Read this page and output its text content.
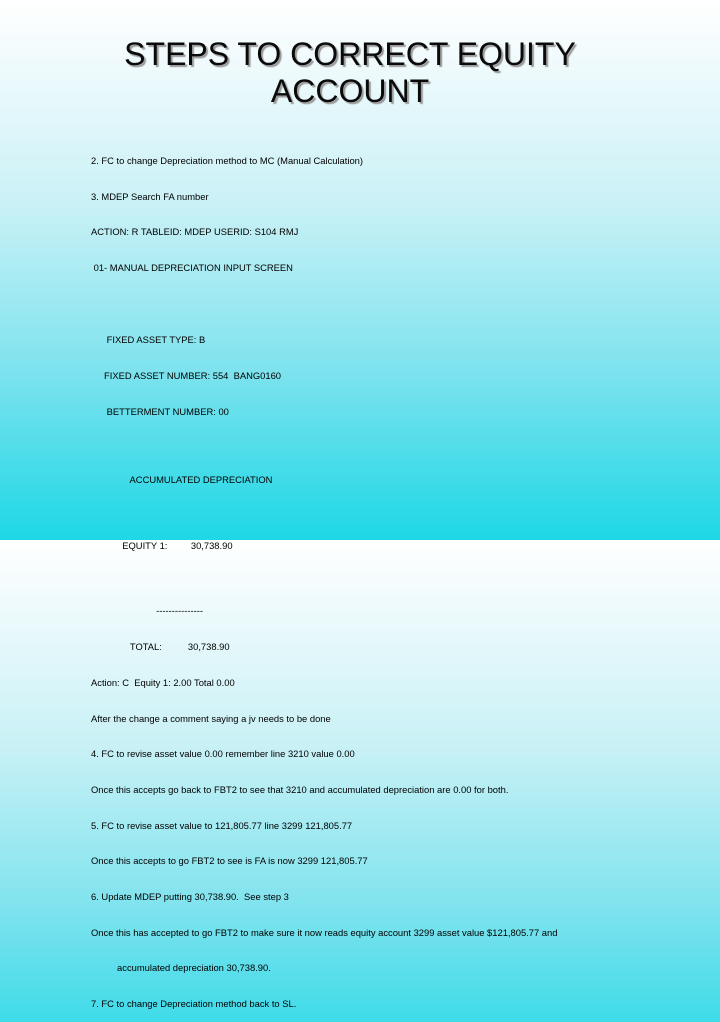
STEPS TO CORRECT EQUITY
ACCOUNT

2. FC to change Depreciation method to MC (Manual Calculation)

3. MDEP Search FA number

ACTION: R TABLEID: MDEP USERID: S104 RMJ

01- MANUAL DEPRECIATION INPUT SCREEN

FIXED ASSET TYPE: B

FIXED ASSET NUMBER: 554  BANG0160

BETTERMENT NUMBER: 00

ACCUMULATED DEPRECIATION

EQUITY 1:         30,738.90

---------------

TOTAL:          30,738.90

Action: C  Equity 1: 2.00 Total 0.00

After the change a comment saying a jv needs to be done

4. FC to revise asset value 0.00 remember line 3210 value 0.00

Once this accepts go back to FBT2 to see that 3210 and accumulated depreciation are 0.00 for both.

5. FC to revise asset value to 121,805.77 line 3299 121,805.77

Once this accepts to go FBT2 to see is FA is now 3299 121,805.77

6. Update MDEP putting 30,738.90.  See step 3

Once this has accepted to go FBT2 to make sure it now reads equity account 3299 asset value $121,805.77 and

accumulated depreciation 30,738.90.

7. FC to change Depreciation method back to SL.
